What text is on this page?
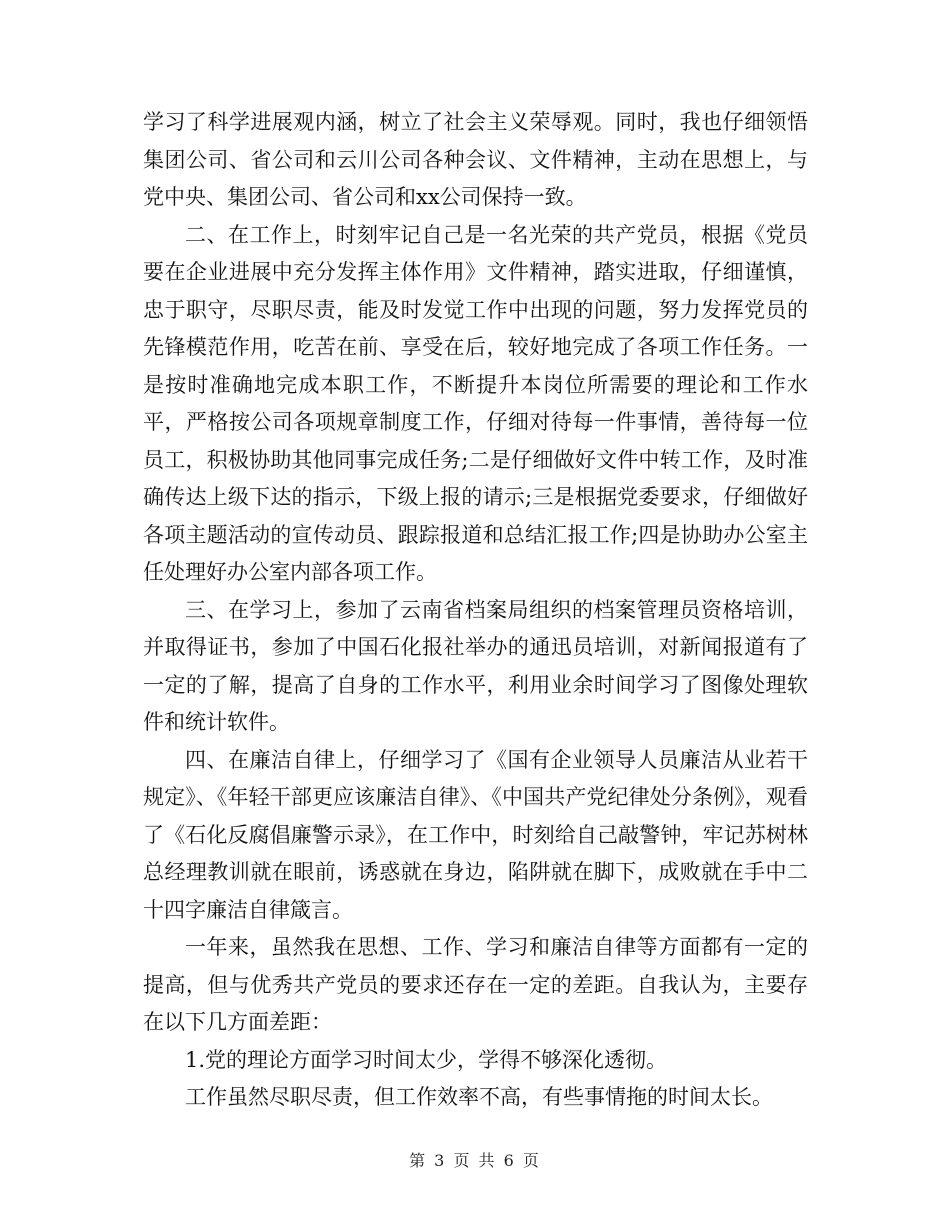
学习了科学进展观内涵，树立了社会主义荣辱观。同时，我也仔细领悟集团公司、省公司和云川公司各种会议、文件精神，主动在思想上，与党中央、集团公司、省公司和xx公司保持一致。

二、在工作上，时刻牢记自己是一名光荣的共产党员，根据《党员要在企业进展中充分发挥主体作用》文件精神，踏实进取，仔细谨慎，忠于职守，尽职尽责，能及时发觉工作中出现的问题，努力发挥党员的先锋模范作用，吃苦在前、享受在后，较好地完成了各项工作任务。一是按时准确地完成本职工作，不断提升本岗位所需要的理论和工作水平，严格按公司各项规章制度工作，仔细对待每一件事情，善待每一位员工，积极协助其他同事完成任务;二是仔细做好文件中转工作，及时准确传达上级下达的指示，下级上报的请示;三是根据党委要求，仔细做好各项主题活动的宣传动员、跟踪报道和总结汇报工作;四是协助办公室主任处理好办公室内部各项工作。

三、在学习上，参加了云南省档案局组织的档案管理员资格培训，并取得证书，参加了中国石化报社举办的通迅员培训，对新闻报道有了一定的了解，提高了自身的工作水平，利用业余时间学习了图像处理软件和统计软件。

四、在廉洁自律上，仔细学习了《国有企业领导人员廉洁从业若干规定》、《年轻干部更应该廉洁自律》、《中国共产党纪律处分条例》，观看了《石化反腐倡廉警示录》，在工作中，时刻给自己敲警钟，牢记苏树林总经理教训就在眼前，诱惑就在身边，陷阱就在脚下，成败就在手中二十四字廉洁自律箴言。

一年来，虽然我在思想、工作、学习和廉洁自律等方面都有一定的提高，但与优秀共产党员的要求还存在一定的差距。自我认为，主要存在以下几方面差距：

1.党的理论方面学习时间太少，学得不够深化透彻。

工作虽然尽职尽责，但工作效率不高，有些事情拖的时间太长。

第 3 页 共 6 页
